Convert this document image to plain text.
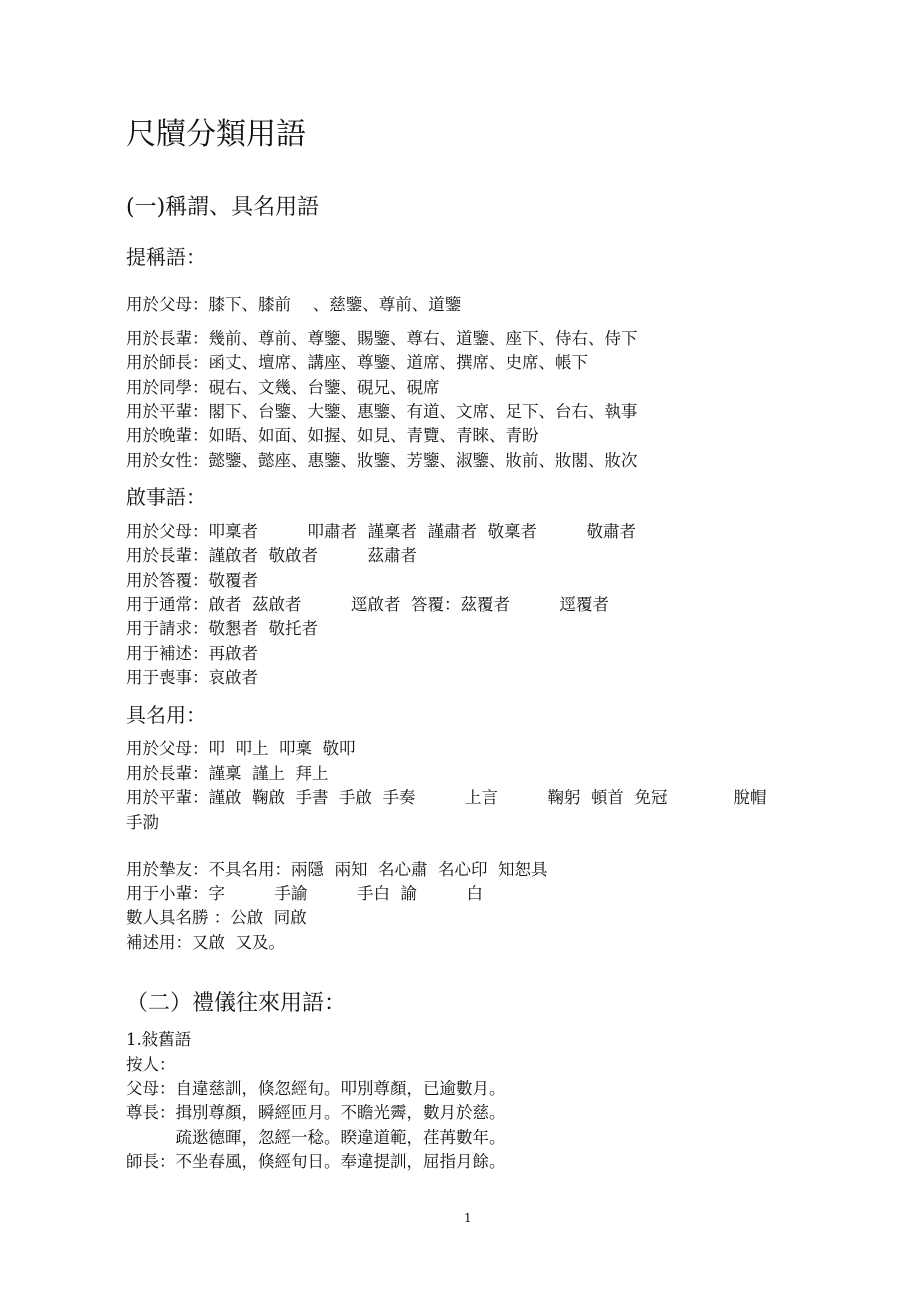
尺牘分類用語
(一)稱謂、具名用語
提稱語：
用於父母：膝下、膝前　 、慈鑒、尊前、道鑒
用於長輩：幾前、尊前、尊鑒、賜鑒、尊右、道鑒、座下、侍右、侍下
用於師長：函丈、壇席、講座、尊鑒、道席、撰席、史席、帳下
用於同學：硯右、文幾、台鑒、硯兄、硯席
用於平輩：閣下、台鑒、大鑒、惠鑒、有道、文席、足下、台右、執事
用於晚輩：如晤、如面、如握、如見、青覽、青睞、青盼
用於女性：懿鑒、懿座、惠鑒、妝鑒、芳鑒、淑鑒、妝前、妝閣、妝次
啟事語：
用於父母：叩稟者　　　叩肅者  謹稟者  謹肅者  敬稟者　　　敬肅者
用於長輩：謹啟者  敬啟者　　　茲肅者
用於答覆：敬覆者
用于通常：啟者  茲啟者　　　逕啟者  答覆：茲覆者　　　逕覆者
用于請求：敬懇者  敬托者
用于補述：再啟者
用于喪事：哀啟者
具名用：
用於父母：叩  叩上  叩稟  敬叩
用於長輩：謹稟  謹上  拜上
用於平輩：謹啟  鞠啟  手書  手啟  手奏　　　上言　　　鞠躬  頓首  免冠　　　　脫帽
手泐
用於摯友：不具名用：兩隱  兩知  名心肅  名心印  知恕具
用于小輩：字　　　手諭　　　手白  諭　　　白
數人具名勝 ：公啟  同啟
補述用：又啟  又及。
（二）禮儀往來用語：
1.敍舊語
按人：
父母：自違慈訓，倏忽經旬。叩別尊顏，已逾數月。
尊長：揖別尊顏，瞬經匝月。不瞻光霽，數月於慈。
　　　疏逖德暉，忽經一稔。睽違道範，荏苒數年。
師長：不坐春風，倏經旬日。奉違提訓，屈指月餘。
1
